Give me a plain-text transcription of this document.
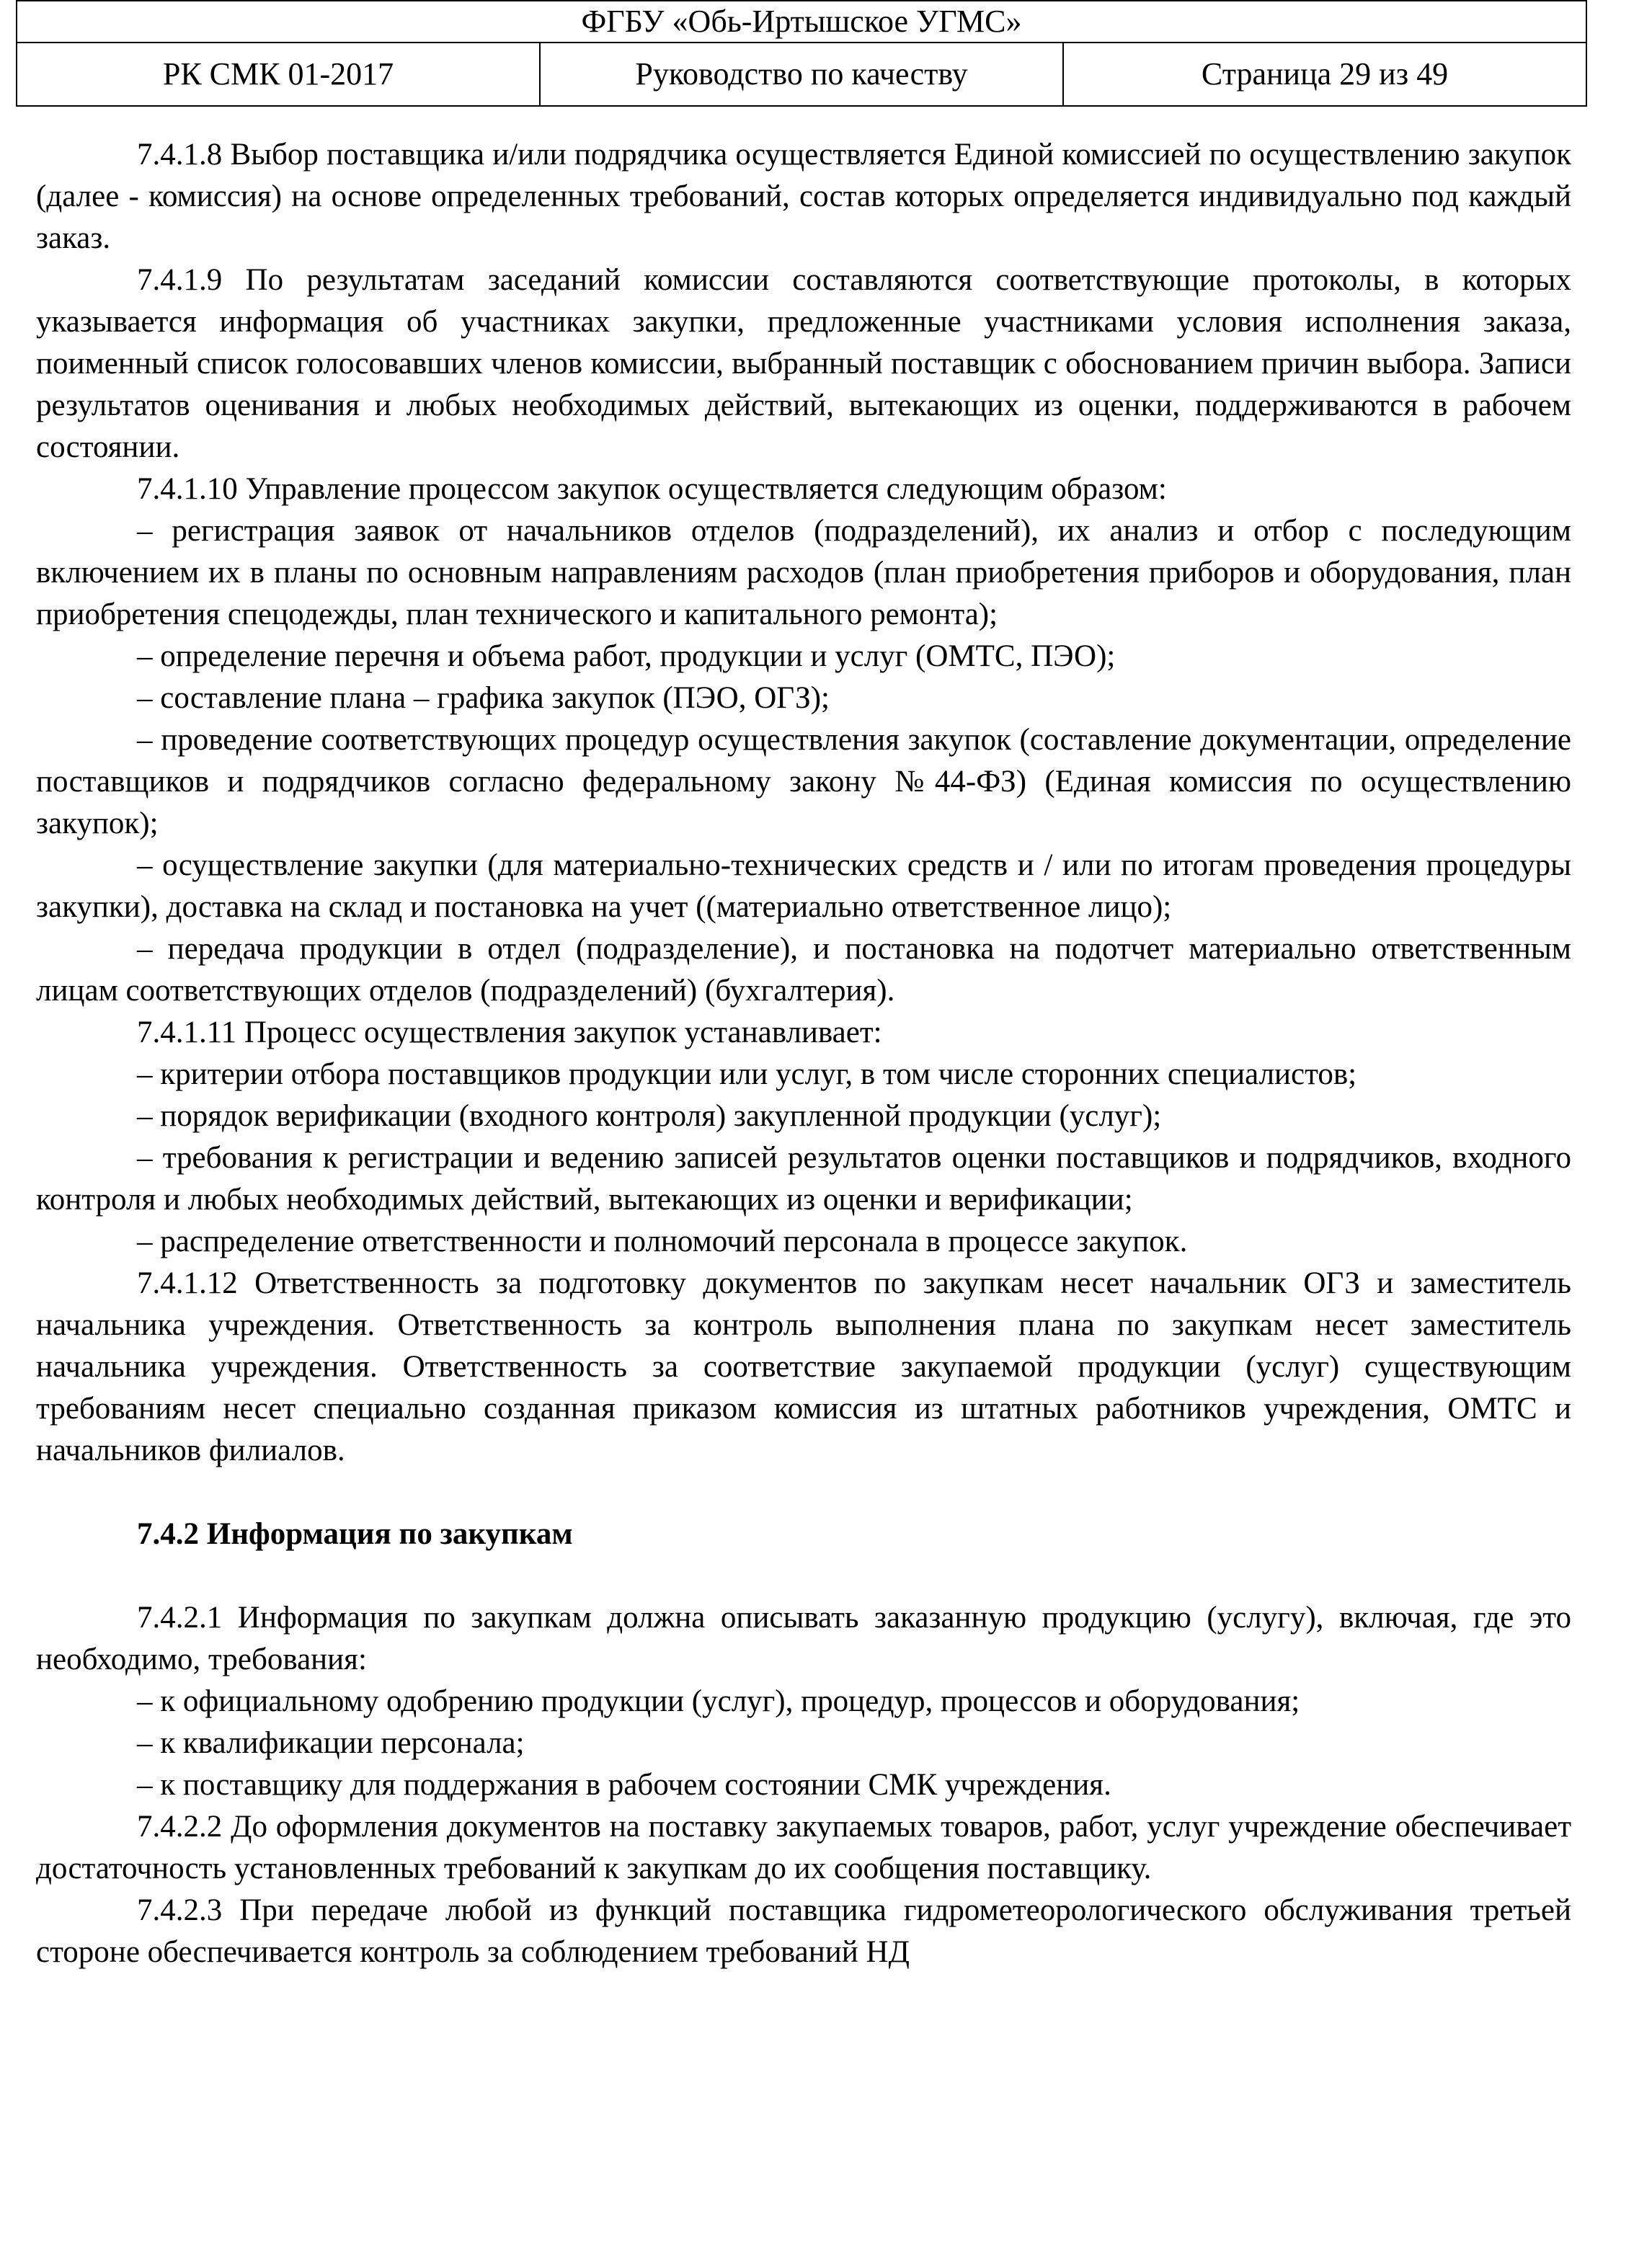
ФГБУ «Обь-Иртышское УГМС»
РК СМК 01-2017	Руководство по качеству	Страница 29 из 49

7.4.1.8 Выбор поставщика и/или подрядчика осуществляется Единой комиссией по осуществлению закупок (далее - комиссия) на основе определенных требований, состав которых определяется индивидуально под каждый заказ.

7.4.1.9 По результатам заседаний комиссии составляются соответствующие протоколы, в которых указывается информация об участниках закупки, предложенные участниками условия исполнения заказа, поименный список голосовавших членов комиссии, выбранный поставщик с обоснованием причин выбора. Записи результатов оценивания и любых необходимых действий, вытекающих из оценки, поддерживаются в рабочем состоянии.

7.4.1.10 Управление процессом закупок осуществляется следующим образом:

– регистрация заявок от начальников отделов (подразделений), их анализ и отбор с последующим включением их в планы по основным направлениям расходов (план приобретения приборов и оборудования, план приобретения спецодежды, план технического и капитального ремонта);

– определение перечня и объема работ, продукции и услуг (ОМТС, ПЭО);

– составление плана – графика закупок (ПЭО, ОГЗ);

– проведение соответствующих процедур осуществления закупок (составление документации, определение поставщиков и подрядчиков согласно федеральному закону №44-ФЗ) (Единая комиссия по осуществлению закупок);

– осуществление закупки (для материально-технических средств и / или по итогам проведения процедуры закупки), доставка на склад и постановка на учет ((материально ответственное лицо);

– передача продукции в отдел (подразделение), и постановка на подотчет материально ответственным лицам соответствующих отделов (подразделений) (бухгалтерия).

7.4.1.11 Процесс осуществления закупок устанавливает:

– критерии отбора поставщиков продукции или услуг, в том числе сторонних специалистов;

– порядок верификации (входного контроля) закупленной продукции (услуг);

– требования к регистрации и ведению записей результатов оценки поставщиков и подрядчиков, входного контроля и любых необходимых действий, вытекающих из оценки и верификации;

– распределение ответственности и полномочий персонала в процессе закупок.

7.4.1.12 Ответственность за подготовку документов по закупкам несет начальник ОГЗ и заместитель начальника учреждения. Ответственность за контроль выполнения плана по закупкам несет заместитель начальника учреждения. Ответственность за соответствие закупаемой продукции (услуг) существующим требованиям несет специально созданная приказом комиссия из штатных работников учреждения, ОМТС и начальников филиалов.

7.4.2 Информация по закупкам

7.4.2.1 Информация по закупкам должна описывать заказанную продукцию (услугу), включая, где это необходимо, требования:

– к официальному одобрению продукции (услуг), процедур, процессов и оборудования;

– к квалификации персонала;

– к поставщику для поддержания в рабочем состоянии СМК учреждения.

7.4.2.2 До оформления документов на поставку закупаемых товаров, работ, услуг учреждение обеспечивает достаточность установленных требований к закупкам до их сообщения поставщику.

7.4.2.3 При передаче любой из функций поставщика гидрометеорологического обслуживания третьей стороне обеспечивается контроль за соблюдением требований НД
